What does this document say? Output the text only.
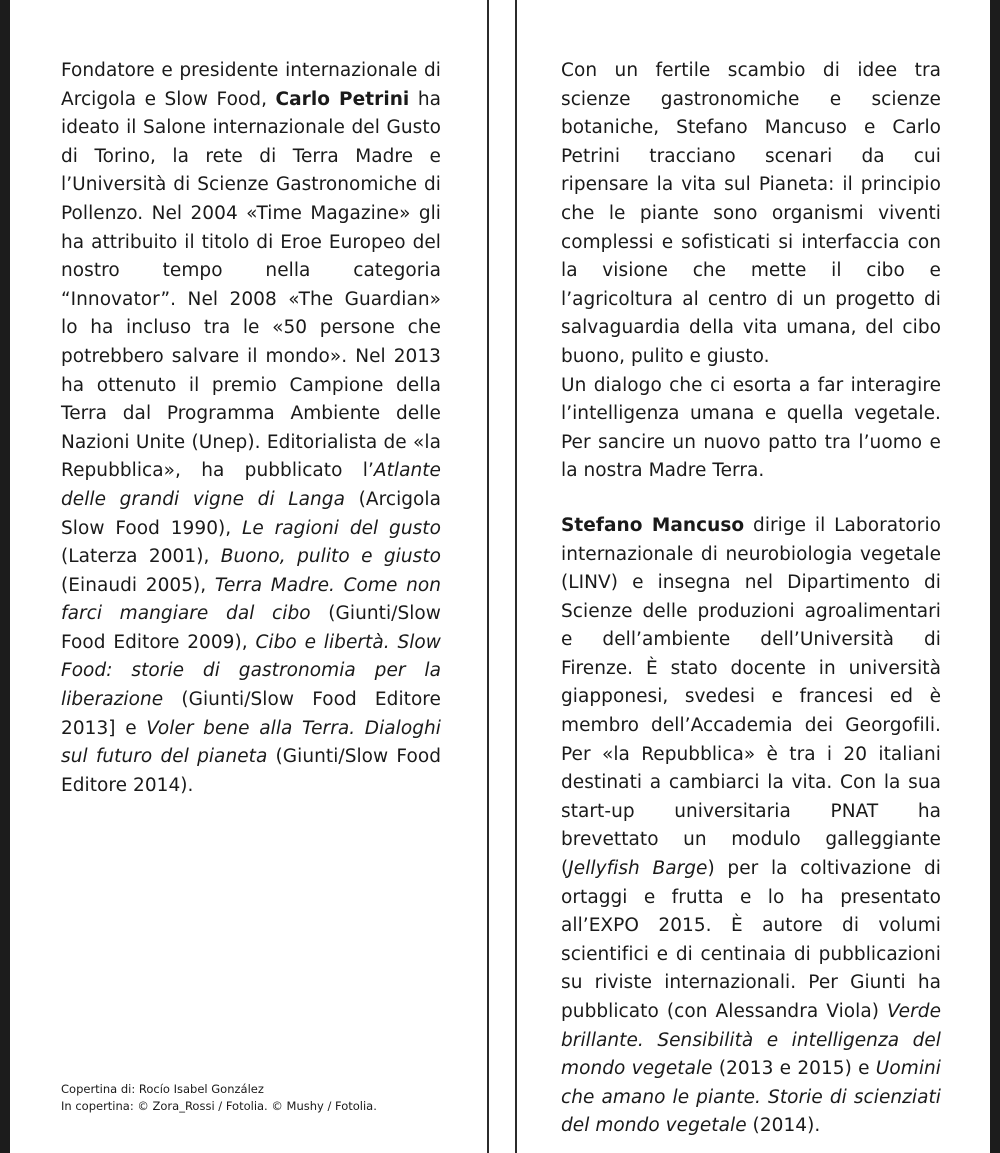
Fondatore e presidente internazionale di Arcigola e Slow Food, Carlo Petrini ha ideato il Salone internazionale del Gusto di Torino, la rete di Terra Madre e l’Università di Scienze Gastronomiche di Pollenzo. Nel 2004 «Time Magazine» gli ha attribuito il titolo di Eroe Europeo del nostro tempo nella categoria “Innovator”. Nel 2008 «The Guardian» lo ha incluso tra le «50 persone che potrebbero salvare il mondo». Nel 2013 ha ottenuto il premio Campione della Terra dal Programma Ambiente delle Nazioni Unite (Unep). Editorialista de «la Repubblica», ha pubblicato l’Atlante delle grandi vigne di Langa (Arcigola Slow Food 1990), Le ragioni del gusto (Laterza 2001), Buono, pulito e giusto (Einaudi 2005), Terra Madre. Come non farci mangiare dal cibo (Giunti/Slow Food Editore 2009), Cibo e libertà. Slow Food: storie di gastronomia per la liberazione (Giunti/Slow Food Editore 2013] e Voler bene alla Terra. Dialoghi sul futuro del pianeta (Giunti/Slow Food Editore 2014).

Copertina di: Rocío Isabel González
In copertina: © Zora_Rossi / Fotolia. © Mushy / Fotolia.

Con un fertile scambio di idee tra scienze gastronomiche e scienze botaniche, Stefano Mancuso e Carlo Petrini tracciano scenari da cui ripensare la vita sul Pianeta: il principio che le piante sono organismi viventi complessi e sofisticati si interfaccia con la visione che mette il cibo e l’agricoltura al centro di un progetto di salvaguardia della vita umana, del cibo buono, pulito e giusto.

Un dialogo che ci esorta a far interagire l’intelligenza umana e quella vegetale. Per sancire un nuovo patto tra l’uomo e la nostra Madre Terra.

Stefano Mancuso dirige il Laboratorio internazionale di neurobiologia vegetale (LINV) e insegna nel Dipartimento di Scienze delle produzioni agroalimentari e dell’ambiente dell’Università di Firenze. È stato docente in università giapponesi, svedesi e francesi ed è membro dell’Accademia dei Georgofili. Per «la Repubblica» è tra i 20 italiani destinati a cambiarci la vita. Con la sua start-up universitaria PNAT ha brevettato un modulo galleggiante (Jellyfish Barge) per la coltivazione di ortaggi e frutta e lo ha presentato all’EXPO 2015. È autore di volumi scientifici e di centinaia di pubblicazioni su riviste internazionali. Per Giunti ha pubblicato (con Alessandra Viola) Verde brillante. Sensibilità e intelligenza del mondo vegetale (2013 e 2015) e Uomini che amano le piante. Storie di scienziati del mondo vegetale (2014).
